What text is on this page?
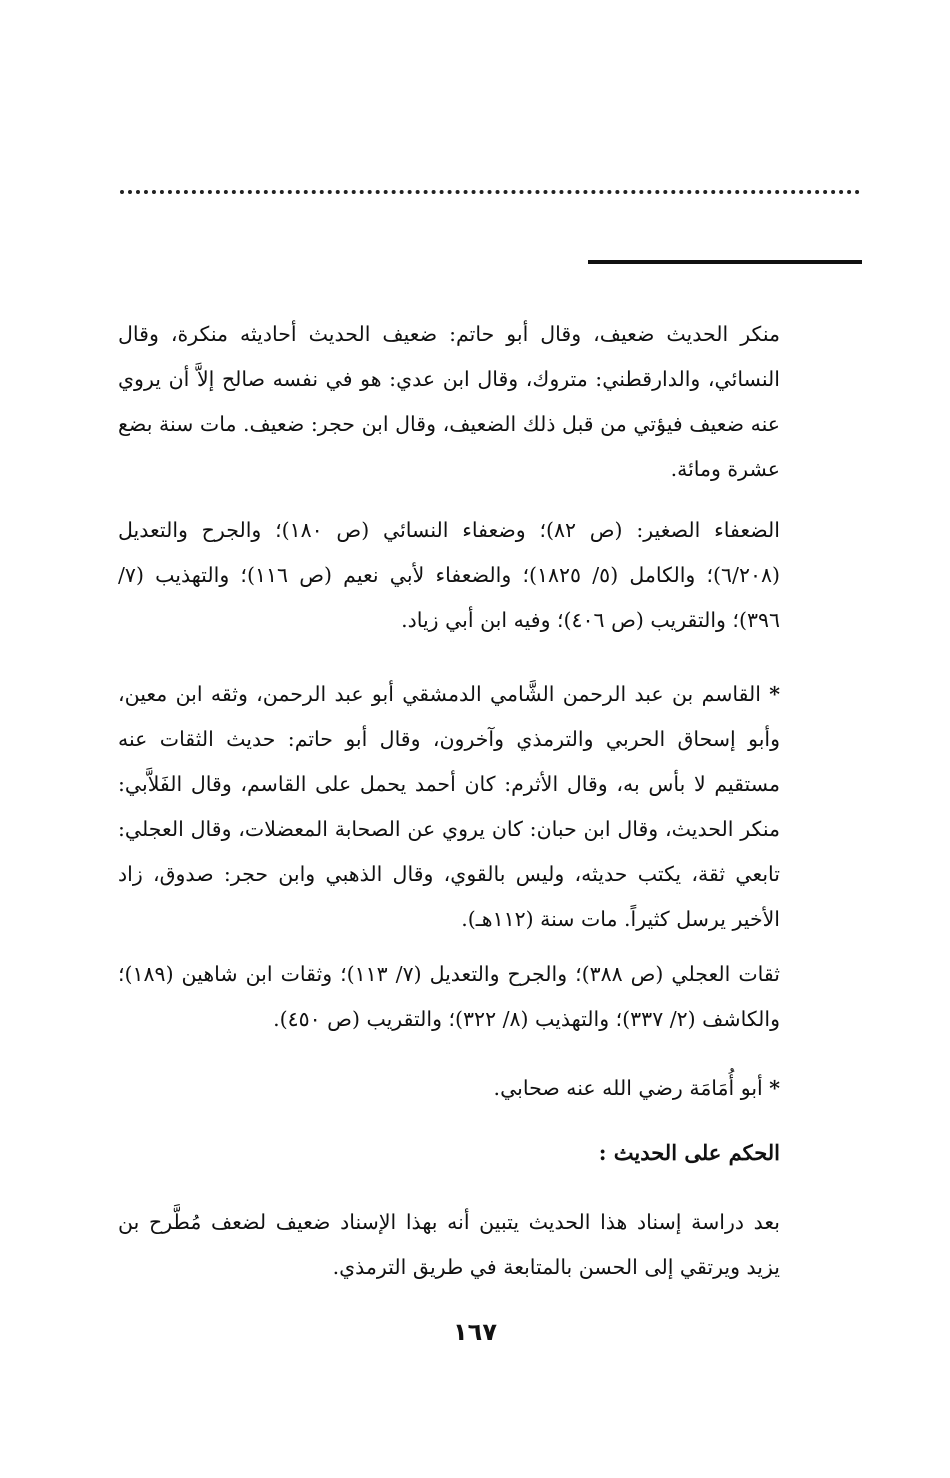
منكر الحديث ضعيف، وقال أبو حاتم: ضعيف الحديث أحاديثه منكرة، وقال النسائي، والدارقطني: متروك، وقال ابن عدي: هو في نفسه صالح إلاَّ أن يروي عنه ضعيف فيؤتي من قبل ذلك الضعيف، وقال ابن حجر: ضعيف. مات سنة بضع عشرة ومائة.

الضعفاء الصغير: (ص ٨٢)؛ وضعفاء النسائي (ص ١٨٠)؛ والجرح والتعديل (٦/٢٠٨)؛ والكامل (٥/ ١٨٢٥)؛ والضعفاء لأبي نعيم (ص ١١٦)؛ والتهذيب (٧/ ٣٩٦)؛ والتقريب (ص ٤٠٦)؛ وفيه ابن أبي زياد.

* القاسم بن عبد الرحمن الشَّامي الدمشقي أبو عبد الرحمن، وثقه ابن معين، وأبو إسحاق الحربي والترمذي وآخرون، وقال أبو حاتم: حديث الثقات عنه مستقيم لا بأس به، وقال الأثرم: كان أحمد يحمل على القاسم، وقال الفَلاَّبي: منكر الحديث، وقال ابن حبان: كان يروي عن الصحابة المعضلات، وقال العجلي: تابعي ثقة، يكتب حديثه، وليس بالقوي، وقال الذهبي وابن حجر: صدوق، زاد الأخير يرسل كثيراً. مات سنة (١١٢هـ).

ثقات العجلي (ص ٣٨٨)؛ والجرح والتعديل (٧/ ١١٣)؛ وثقات ابن شاهين (١٨٩)؛ والكاشف (٢/ ٣٣٧)؛ والتهذيب (٨/ ٣٢٢)؛ والتقريب (ص ٤٥٠).

* أبو أُمَامَة رضي الله عنه صحابي.

الحكم على الحديث :

بعد دراسة إسناد هذا الحديث يتبين أنه بهذا الإسناد ضعيف لضعف مُطَّرح بن يزيد ويرتقي إلى الحسن بالمتابعة في طريق الترمذي.

١٦٧
